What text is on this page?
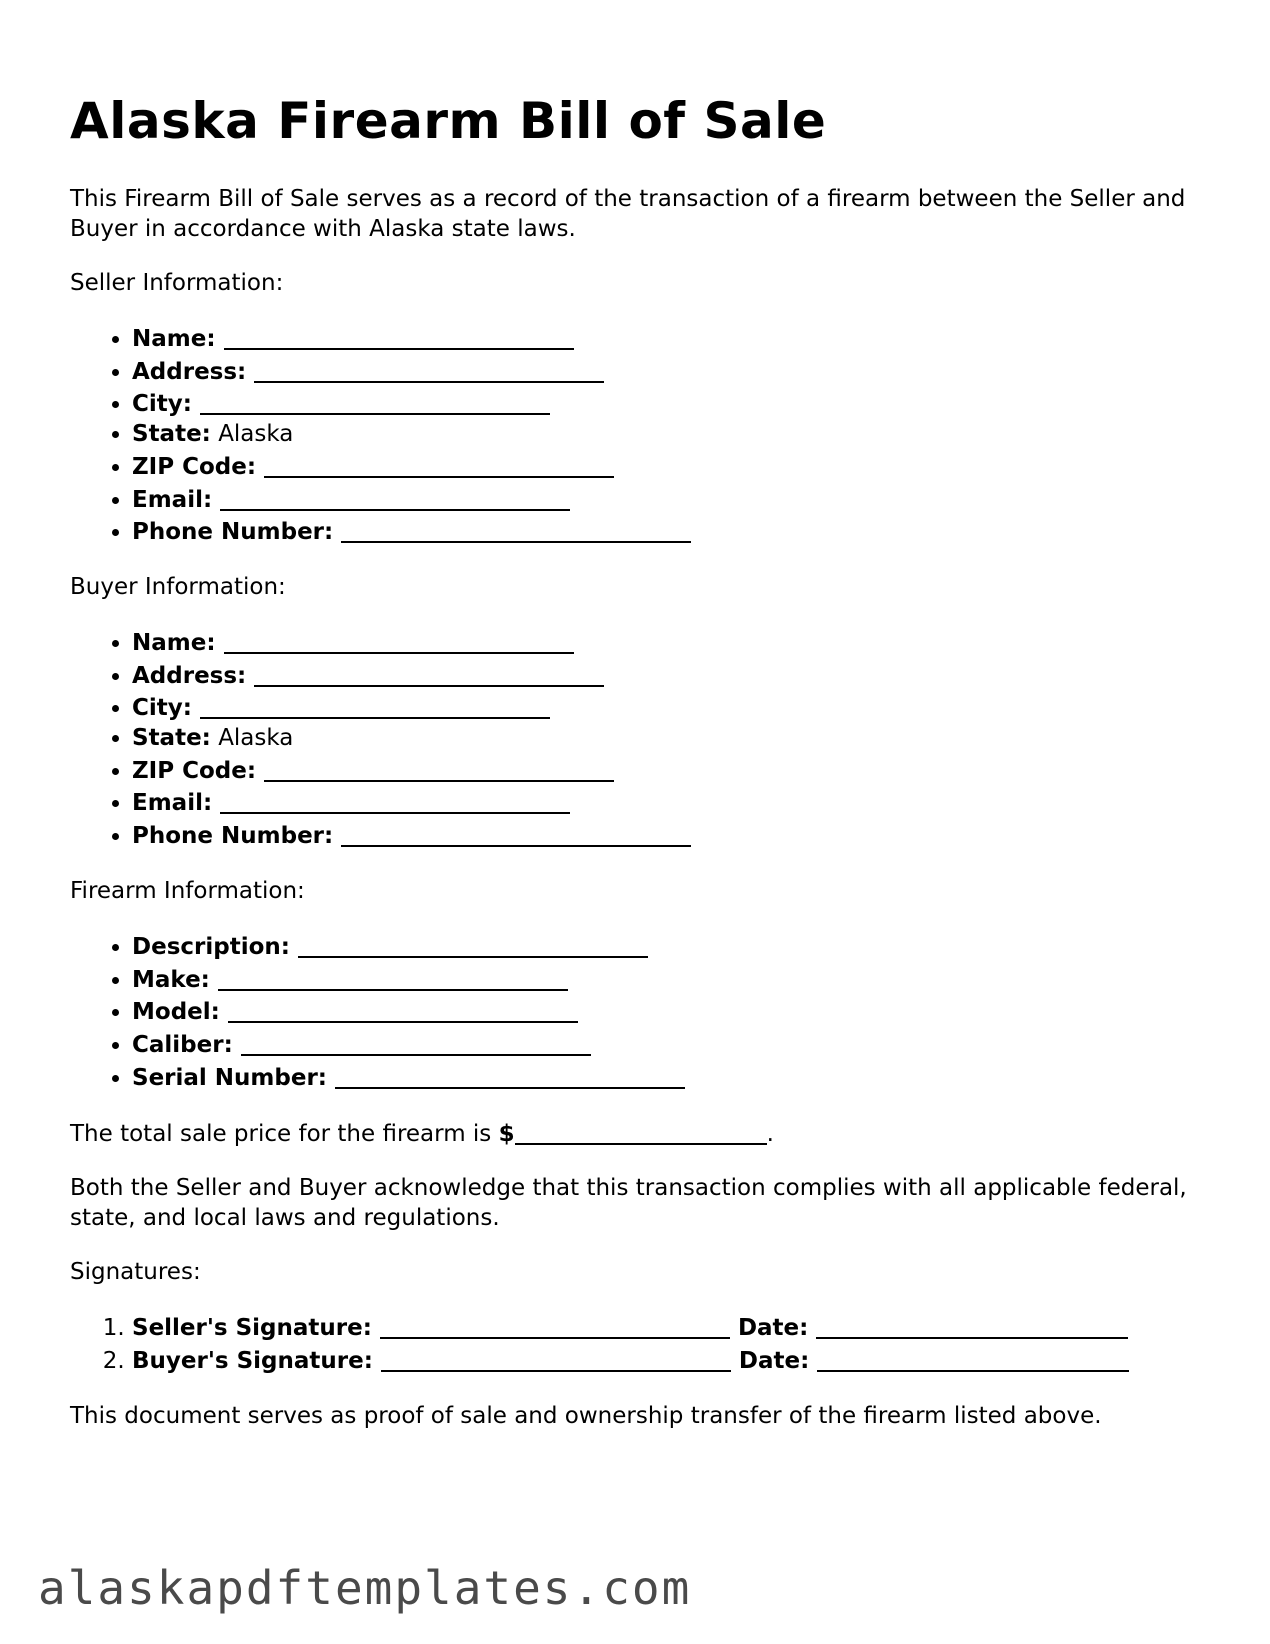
Alaska Firearm Bill of Sale

This Firearm Bill of Sale serves as a record of the transaction of a firearm between the Seller and Buyer in accordance with Alaska state laws.

Seller Information:

• Name:
• Address:
• City:
• State: Alaska
• ZIP Code:
• Email:
• Phone Number:

Buyer Information:

• Name:
• Address:
• City:
• State: Alaska
• ZIP Code:
• Email:
• Phone Number:

Firearm Information:

• Description:
• Make:
• Model:
• Caliber:
• Serial Number:

The total sale price for the firearm is $	.

Both the Seller and Buyer acknowledge that this transaction complies with all applicable federal, state, and local laws and regulations.

Signatures:

1. Seller's Signature:	Date:
2. Buyer's Signature:	Date:

This document serves as proof of sale and ownership transfer of the firearm listed above.

alaskapdftemplates.com
